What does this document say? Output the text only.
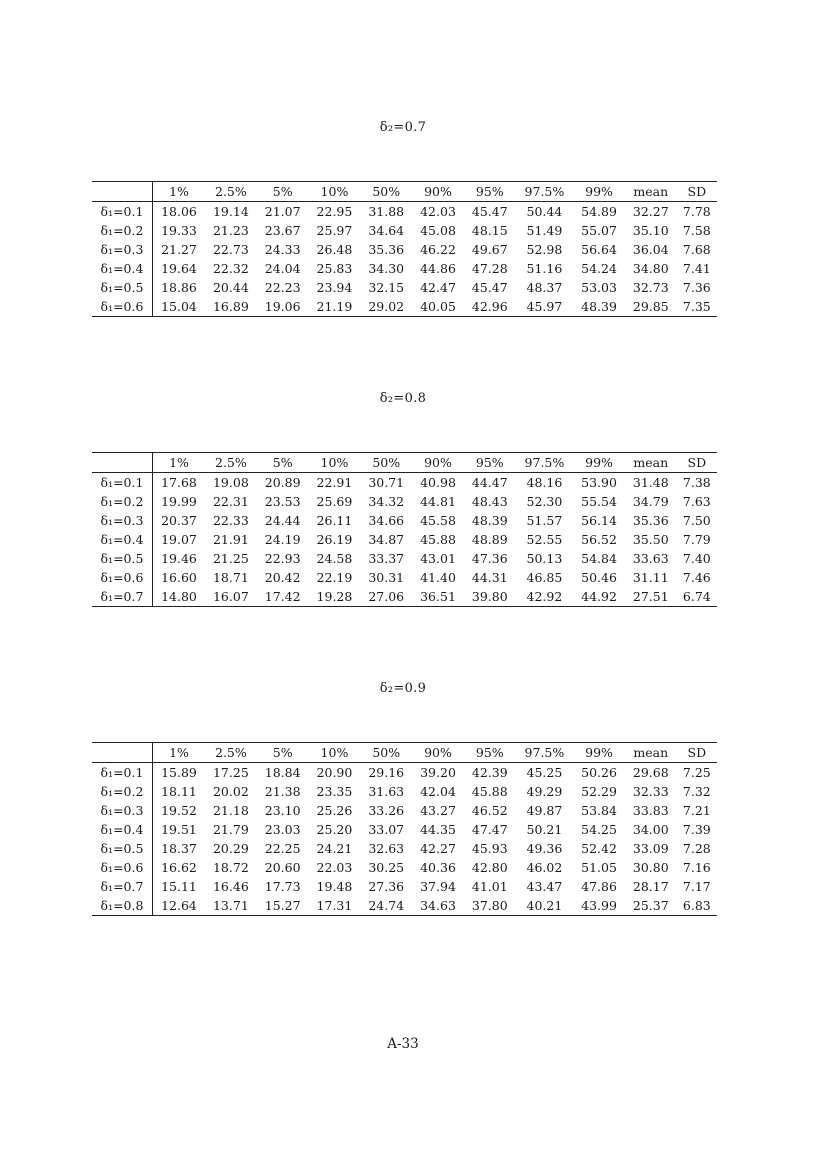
δ₂=0.7
	1%	2.5%	5%	10%	50%	90%	95%	97.5%	99%	mean	SD
δ₁=0.1	18.06	19.14	21.07	22.95	31.88	42.03	45.47	50.44	54.89	32.27	7.78
δ₁=0.2	19.33	21.23	23.67	25.97	34.64	45.08	48.15	51.49	55.07	35.10	7.58
δ₁=0.3	21.27	22.73	24.33	26.48	35.36	46.22	49.67	52.98	56.64	36.04	7.68
δ₁=0.4	19.64	22.32	24.04	25.83	34.30	44.86	47.28	51.16	54.24	34.80	7.41
δ₁=0.5	18.86	20.44	22.23	23.94	32.15	42.47	45.47	48.37	53.03	32.73	7.36
δ₁=0.6	15.04	16.89	19.06	21.19	29.02	40.05	42.96	45.97	48.39	29.85	7.35
δ₂=0.8
	1%	2.5%	5%	10%	50%	90%	95%	97.5%	99%	mean	SD
δ₁=0.1	17.68	19.08	20.89	22.91	30.71	40.98	44.47	48.16	53.90	31.48	7.38
δ₁=0.2	19.99	22.31	23.53	25.69	34.32	44.81	48.43	52.30	55.54	34.79	7.63
δ₁=0.3	20.37	22.33	24.44	26.11	34.66	45.58	48.39	51.57	56.14	35.36	7.50
δ₁=0.4	19.07	21.91	24.19	26.19	34.87	45.88	48.89	52.55	56.52	35.50	7.79
δ₁=0.5	19.46	21.25	22.93	24.58	33.37	43.01	47.36	50.13	54.84	33.63	7.40
δ₁=0.6	16.60	18.71	20.42	22.19	30.31	41.40	44.31	46.85	50.46	31.11	7.46
δ₁=0.7	14.80	16.07	17.42	19.28	27.06	36.51	39.80	42.92	44.92	27.51	6.74
δ₂=0.9
	1%	2.5%	5%	10%	50%	90%	95%	97.5%	99%	mean	SD
δ₁=0.1	15.89	17.25	18.84	20.90	29.16	39.20	42.39	45.25	50.26	29.68	7.25
δ₁=0.2	18.11	20.02	21.38	23.35	31.63	42.04	45.88	49.29	52.29	32.33	7.32
δ₁=0.3	19.52	21.18	23.10	25.26	33.26	43.27	46.52	49.87	53.84	33.83	7.21
δ₁=0.4	19.51	21.79	23.03	25.20	33.07	44.35	47.47	50.21	54.25	34.00	7.39
δ₁=0.5	18.37	20.29	22.25	24.21	32.63	42.27	45.93	49.36	52.42	33.09	7.28
δ₁=0.6	16.62	18.72	20.60	22.03	30.25	40.36	42.80	46.02	51.05	30.80	7.16
δ₁=0.7	15.11	16.46	17.73	19.48	27.36	37.94	41.01	43.47	47.86	28.17	7.17
δ₁=0.8	12.64	13.71	15.27	17.31	24.74	34.63	37.80	40.21	43.99	25.37	6.83
A-33
